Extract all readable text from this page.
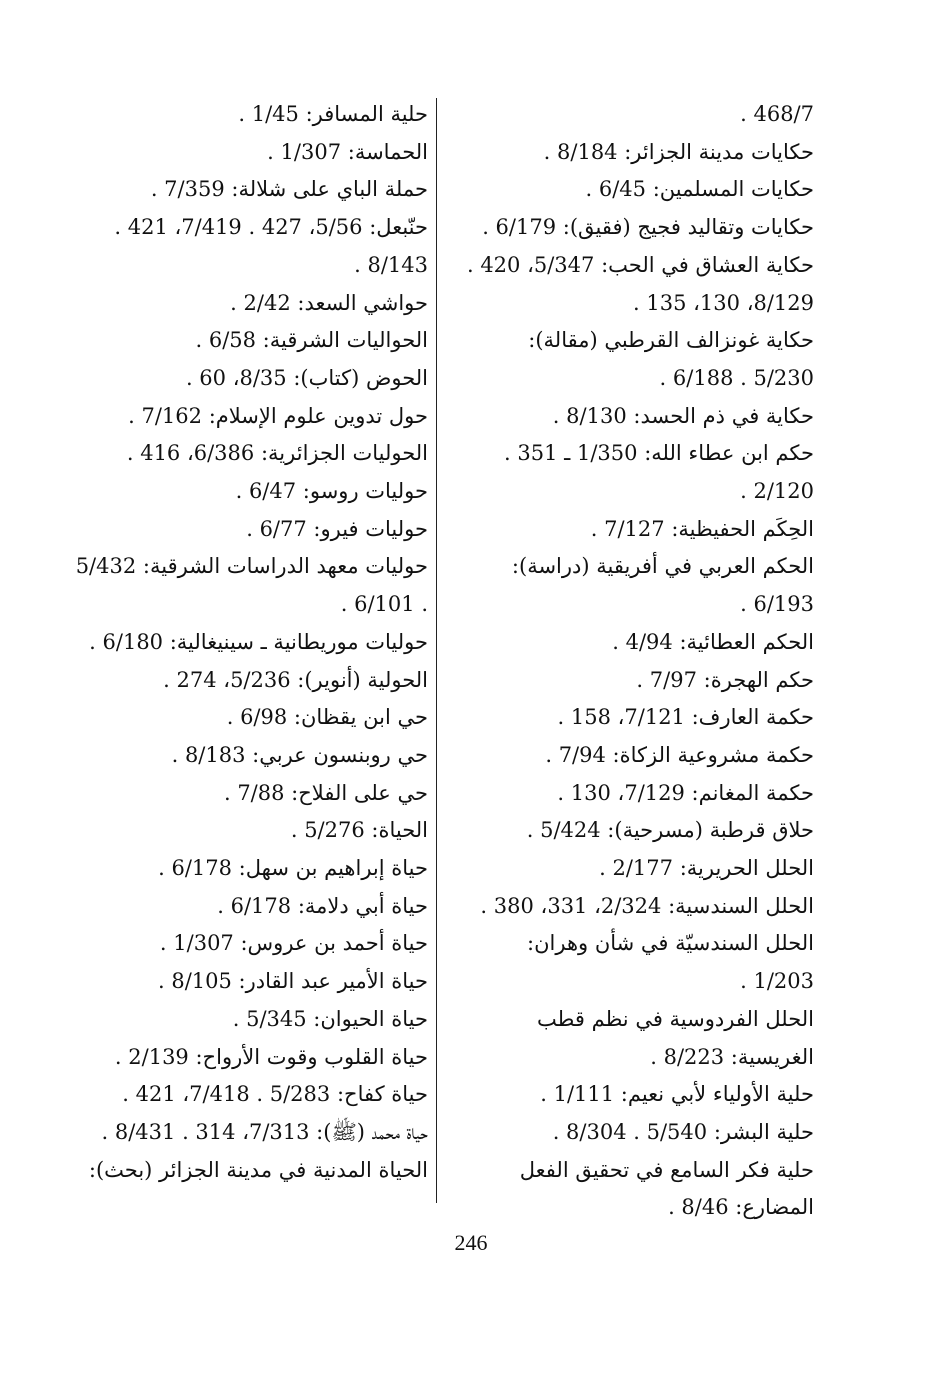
468/7 .
حكايات مدينة الجزائر: 8/184 .
حكايات المسلمين: 6/45 .
حكايات وتقاليد فجيج (فقيق): 6/179 .
حكاية العشاق في الحب: 5/347، 420 . 8/129، 130، 135 .
حكاية غونزالف القرطبي (مقالة): 5/230 . 6/188 .
حكاية في ذم الحسد: 8/130 .
حكم ابن عطاء الله: 1/350 ـ 351 . 2/120 .
الحِكَم الحفيظية: 7/127 .
الحكم العربي في أفريقية (دراسة): 6/193 .
الحكم العطائية: 4/94 .
حكم الهجرة: 7/97 .
حكمة العارف: 7/121، 158 .
حكمة مشروعية الزكاة: 7/94 .
حكمة المغانم: 7/129، 130 .
حلاق قرطبة (مسرحية): 5/424 .
الحلل الحريرية: 2/177 .
الحلل السندسية: 2/324، 331، 380 .
الحلل السندسيّة في شأن وهران: 1/203 .
الحلل الفردوسية في نظم قطب الغريسية: 8/223 .
حلية الأولياء لأبي نعيم: 1/111 .
حلية البشر: 5/540 . 8/304 .
حلية فكر السامع في تحقيق الفعل المضارع: 8/46 .
حلية المسافر: 1/45 .
الحماسة: 1/307 .
حملة الباي على شلالة: 7/359 .
حنّبعل: 5/56، 427 . 7/419، 421 . 8/143 .
حواشي السعد: 2/42 .
الحواليات الشرقية: 6/58 .
الحوض (كتاب): 8/35، 60 .
حول تدوين علوم الإسلام: 7/162 .
الحوليات الجزائرية: 6/386، 416 .
حوليات روسو: 6/47 .
حوليات فيرو: 6/77 .
حوليات معهد الدراسات الشرقية: 5/432 . 6/101 .
حوليات موريطانية ـ سينيغالية: 6/180 .
الحولية (أنوير): 5/236، 274 .
حي ابن يقظان: 6/98 .
حي روبنسون عربي: 8/183 .
حي على الفلاح: 7/88 .
الحياة: 5/276 .
حياة إبراهيم بن سهل: 6/178 .
حياة أبي دلامة: 6/178 .
حياة أحمد بن عروس: 1/307 .
حياة الأمير عبد القادر: 8/105 .
حياة الحيوان: 5/345 .
حياة القلوب وقوت الأرواح: 2/139 .
حياة كفاح: 5/283 . 7/418، 421 .
حياة محمد (ﷺ): 7/313، 314 . 8/431 .
الحياة المدنية في مدينة الجزائر (بحث):
246
